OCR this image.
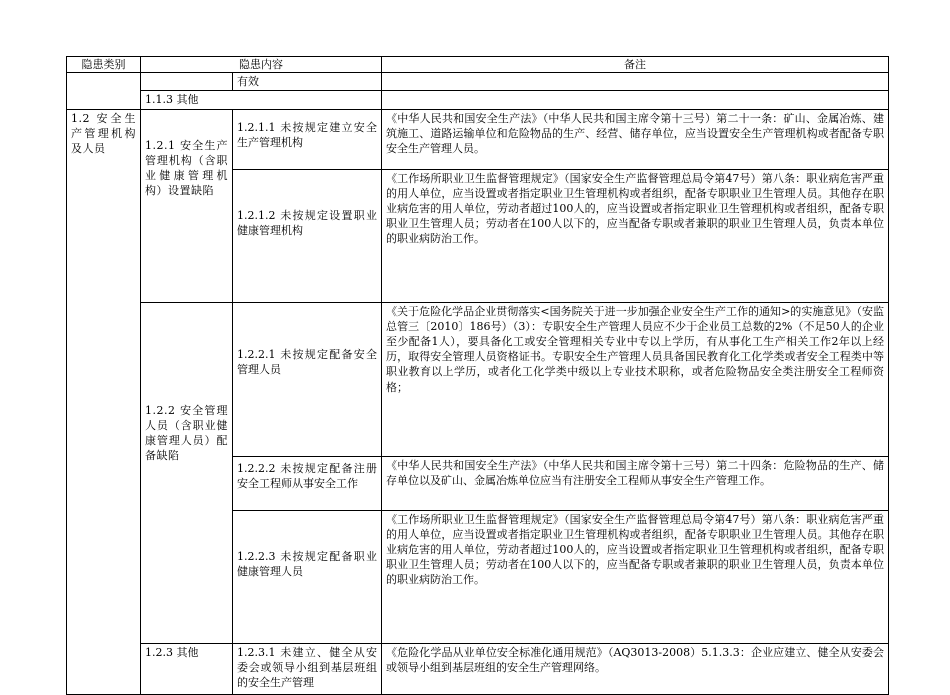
隐患类别	隐患内容		备注
		有效	
	1.1.3 其他		
1.2 安全生产管理机构及人员	1.2.1 安全生产管理机构（含职业健康管理机构）设置缺陷	1.2.1.1 未按规定建立安全生产管理机构	《中华人民共和国安全生产法》（中华人民共和国主席令第十三号）第二十一条：矿山、金属冶炼、建筑施工、道路运输单位和危险物品的生产、经营、储存单位，应当设置安全生产管理机构或者配备专职安全生产管理人员。
		1.2.1.2 未按规定设置职业健康管理机构	《工作场所职业卫生监督管理规定》（国家安全生产监督管理总局令第47号）第八条：职业病危害严重的用人单位，应当设置或者指定职业卫生管理机构或者组织，配备专职职业卫生管理人员。其他存在职业病危害的用人单位，劳动者超过100人的，应当设置或者指定职业卫生管理机构或者组织，配备专职职业卫生管理人员；劳动者在100人以下的，应当配备专职或者兼职的职业卫生管理人员，负责本单位的职业病防治工作。
	1.2.2 安全管理人员（含职业健康管理人员）配备缺陷	1.2.2.1 未按规定配备安全管理人员	《关于危险化学品企业贯彻落实<国务院关于进一步加强企业安全生产工作的通知>的实施意见》（安监总管三〔2010〕186号）（3）：专职安全生产管理人员应不少于企业员工总数的2%（不足50人的企业至少配备1人），要具备化工或安全管理相关专业中专以上学历，有从事化工生产相关工作2年以上经历，取得安全管理人员资格证书。专职安全生产管理人员具备国民教育化工化学类或者安全工程类中等职业教育以上学历，或者化工化学类中级以上专业技术职称，或者危险物品安全类注册安全工程师资格；
		1.2.2.2 未按规定配备注册安全工程师从事安全工作	《中华人民共和国安全生产法》（中华人民共和国主席令第十三号）第二十四条：危险物品的生产、储存单位以及矿山、金属冶炼单位应当有注册安全工程师从事安全生产管理工作。
		1.2.2.3 未按规定配备职业健康管理人员	《工作场所职业卫生监督管理规定》（国家安全生产监督管理总局令第47号）第八条：职业病危害严重的用人单位，应当设置或者指定职业卫生管理机构或者组织，配备专职职业卫生管理人员。其他存在职业病危害的用人单位，劳动者超过100人的，应当设置或者指定职业卫生管理机构或者组织，配备专职职业卫生管理人员；劳动者在100人以下的，应当配备专职或者兼职的职业卫生管理人员，负责本单位的职业病防治工作。
	1.2.3 其他	1.2.3.1 未建立、健全从安委会或领导小组到基层班组的安全生产管理	《危险化学品从业单位安全标准化通用规范》（AQ3013-2008）5.1.3.3：企业应建立、健全从安委会或领导小组到基层班组的安全生产管理网络。
